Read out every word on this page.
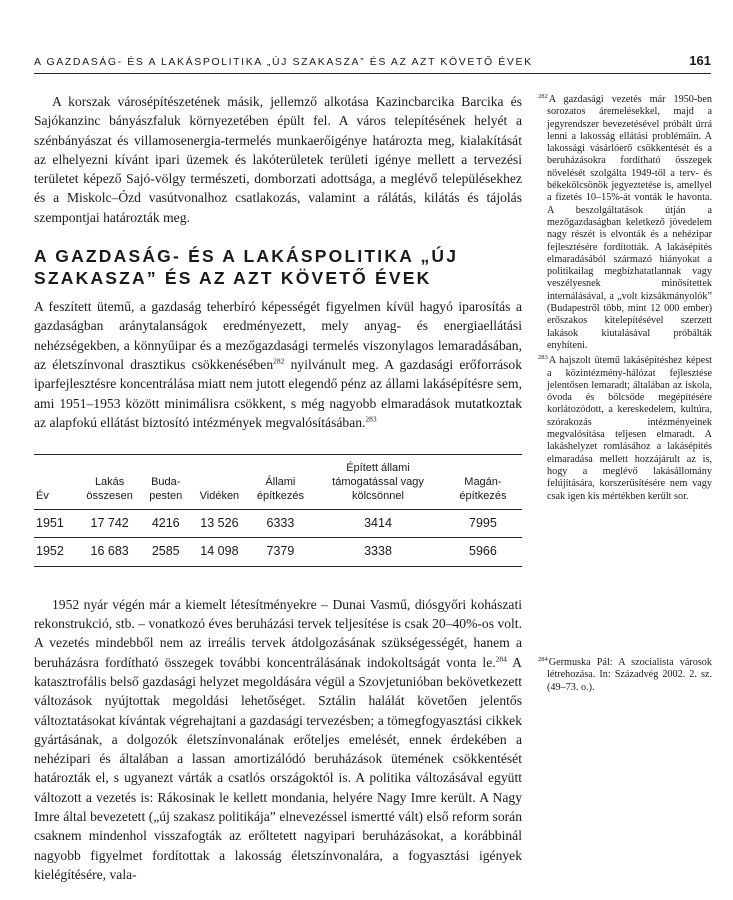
A GAZDASÁG- ÉS A LAKÁSPOLITIKA „ÚJ SZAKASZA” ÉS AZ AZT KÖVETŐ ÉVEK	161

A korszak városépítészetének másik, jellemző alkotása Kazincbarcika Barcika és Sajókanzinc bányászfaluk környezetében épült fel. A város telepítésének helyét a szénbányászat és villamosenergia-termelés munkaerőigénye határozta meg, kialakítását az elhelyezni kívánt ipari üzemek és lakóterületek területi igénye mellett a tervezési területet képező Sajó-völgy természeti, domborzati adottsága, a meglévő településekhez és a Miskolc–Ózd vasútvonalhoz csatlakozás, valamint a rálátás, kilátás és tájolás szempontjai határozták meg.

A GAZDASÁG- ÉS A LAKÁSPOLITIKA „ÚJ SZAKASZA” ÉS AZ AZT KÖVETŐ ÉVEK

A feszített ütemű, a gazdaság teherbíró képességét figyelmen kívül hagyó iparosítás a gazdaságban aránytalanságok eredményezett, mely anyag- és energiaellátási nehézségekben, a könnyűipar és a mezőgazdasági termelés viszonylagos lemaradásában, az életszínvonal drasztikus csökkenésében$^{282}$ nyilvánult meg. A gazdasági erőforrások iparfejlesztésre koncentrálása miatt nem jutott elegendő pénz az állami lakásépítésre sem, ami 1951–1953 között minimálisra csökkent, s még nagyobb elmaradások mutatkoztak az alapfokú ellátást biztosító intézmények megvalósításában.$^{283}$

Év	Lakás összesen	Buda- pesten	Vidéken	Állami építkezés	Épített állami támogatással vagy kölcsönnel	Magán- építkezés
1951	17 742	4216	13 526	6333	3414	7995
1952	16 683	2585	14 098	7379	3338	5966

1952 nyár végén már a kiemelt létesítményekre – Dunai Vasmű, diósgyőri kohászati rekonstrukció, stb. – vonatkozó éves beruházási tervek teljesítése is csak 20–40%-os volt. A vezetés mindebből nem az irreális tervek átdolgozásának szükségességét, hanem a beruházásra fordítható összegek további koncentrálásának indokoltságát vonta le.$^{284}$ A katasztrofális belső gazdasági helyzet megoldására végül a Szovjetunióban bekövetkezett változások nyújtottak megoldási lehetőséget. Sztálin halálát követően jelentős változtatásokat kívántak végrehajtani a gazdasági tervezésben; a tömegfogyasztási cikkek gyártásának, a dolgozók életszínvonalának erőteljes emelését, ennek érdekében a nehézipari és általában a lassan amortizálódó beruházások ütemének csökkentését határozták el, s ugyanezt várták a csatlós országoktól is. A politika változásával együtt változott a vezetés is: Rákosinak le kellett mondania, helyére Nagy Imre került. A Nagy Imre által bevezetett („új szakasz politikája” elnevezéssel ismertté vált) első reform során csaknem mindenhol visszafogták az erőltetett nagyipari beruházásokat, a korábbinál nagyobb figyelmet fordítottak a lakosság életszínvonalára, a fogyasztási igények kielégítésére, vala-

$^{282}$A gazdasági vezetés már 1950-ben sorozatos áremelésekkel, majd a jegyrendszer bevezetésével próbált úrrá lenni a lakosság ellátási problémáin. A lakossági vásárlóerő csökkentését és a beruházásokra fordítható összegek növelését szolgálta 1949-től a terv- és békekölcsönök jegyeztetése is, amellyel a fizetés 10–15%-át vonták le havonta. A beszolgáltatások útján a mezőgazdaságban keletkező jövedelem nagy részét is elvonták és a nehézipar fejlesztésére fordították. A lakásépítés elmaradásából származó hiányokat a politikailag megbízhatatlannak vagy veszélyesnek minősítettek internálásával, a „volt kizsákmányolók” (Budapestről több, mint 12 000 ember) erőszakos kitelepítésével szerzett lakások kiutalásával próbálták enyhíteni.

$^{283}$A hajszolt ütemű lakásépítéshez képest a közintézmény-hálózat fejlesztése jelentősen lemaradt; általában az iskola, óvoda és bölcsőde megépítésére korlátozódott, a kereskedelem, kultúra, szórakozás intézményeinek megvalósítása teljesen elmaradt. A lakáshelyzet romlásához a lakásépítés elmaradása mellett hozzájárult az is, hogy a meglévő lakásállomány felújítására, korszerűsítésére nem vagy csak igen kis mértékben került sor.

$^{284}$Germuska Pál: A szocialista városok létrehozása. In: Századvég 2002. 2. sz. (49–73. o.).
